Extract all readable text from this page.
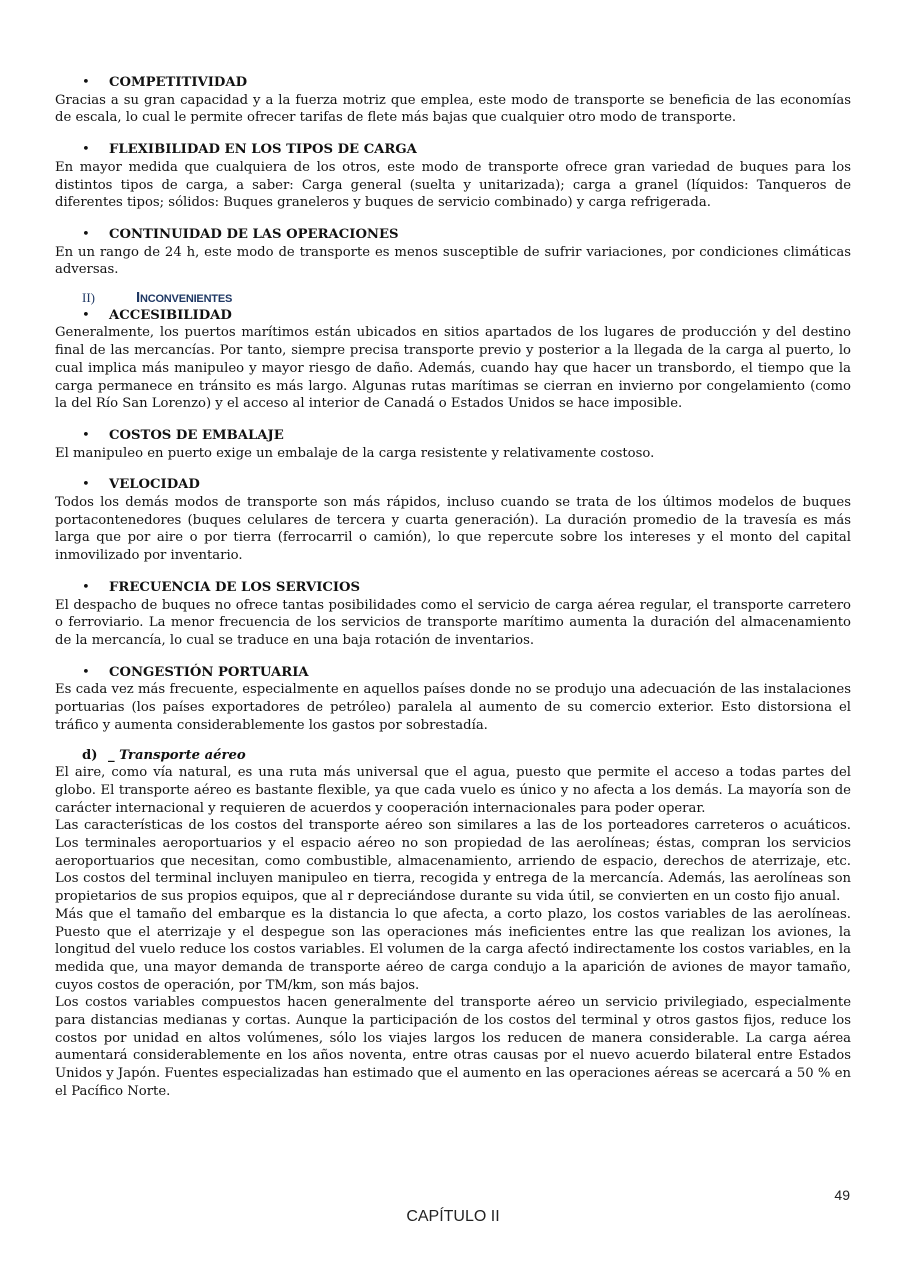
• COMPETITIVIDAD

Gracias a su gran capacidad y a la fuerza motriz que emplea, este modo de transporte se beneficia de las economías de escala, lo cual le permite ofrecer tarifas de flete más bajas que cualquier otro modo de transporte.

• FLEXIBILIDAD EN LOS TIPOS DE CARGA

En mayor medida que cualquiera de los otros, este modo de transporte ofrece gran variedad de buques para los distintos tipos de carga, a saber: Carga general (suelta y unitarizada); carga a granel (líquidos: Tanqueros de diferentes tipos; sólidos: Buques graneleros y buques de servicio combinado) y carga refrigerada.

• CONTINUIDAD DE LAS OPERACIONES

En un rango de 24 h, este modo de transporte es menos susceptible de sufrir variaciones, por condiciones climáticas adversas.

II)	Inconvenientes
• ACCESIBILIDAD

Generalmente, los puertos marítimos están ubicados en sitios apartados de los lugares de producción y del destino final de las mercancías. Por tanto, siempre precisa transporte previo y posterior a la llegada de la carga al puerto, lo cual implica más manipuleo y mayor riesgo de daño. Además, cuando hay que hacer un transbordo, el tiempo que la carga permanece en tránsito es más largo. Algunas rutas marítimas se cierran en invierno por congelamiento (como la del Río San Lorenzo) y el acceso al interior de Canadá o Estados Unidos se hace imposible.

• COSTOS DE EMBALAJE

El manipuleo en puerto exige un embalaje de la carga resistente y relativamente costoso.

• VELOCIDAD

Todos los demás modos de transporte son más rápidos, incluso cuando se trata de los últimos modelos de buques portacontenedores (buques celulares de tercera y cuarta generación). La duración promedio de la travesía es más larga que por aire o por tierra (ferrocarril o camión), lo que repercute sobre los intereses y el monto del capital inmovilizado por inventario.

• FRECUENCIA DE LOS SERVICIOS

El despacho de buques no ofrece tantas posibilidades como el servicio de carga aérea regular, el transporte carretero o ferroviario. La menor frecuencia de los servicios de transporte marítimo aumenta la duración del almacenamiento de la mercancía, lo cual se traduce en una baja rotación de inventarios.

• CONGESTIÓN PORTUARIA

Es cada vez más frecuente, especialmente en aquellos países donde no se produjo una adecuación de las instalaciones portuarias (los países exportadores de petróleo) paralela al aumento de su comercio exterior. Esto distorsiona el tráfico y aumenta considerablemente los gastos por sobrestadía.

d) _ Transporte aéreo

El aire, como vía natural, es una ruta más universal que el agua, puesto que permite el acceso a todas partes del globo. El transporte aéreo es bastante flexible, ya que cada vuelo es único y no afecta a los demás. La mayoría son de carácter internacional y requieren de acuerdos y cooperación internacionales para poder operar.

Las características de los costos del transporte aéreo son similares a las de los porteadores carreteros o acuáticos. Los terminales aeroportuarios y el espacio aéreo no son propiedad de las aerolíneas; éstas, compran los servicios aeroportuarios que necesitan, como combustible, almacenamiento, arriendo de espacio, derechos de aterrizaje, etc. Los costos del terminal incluyen manipuleo en tierra, recogida y entrega de la mercancía. Además, las aerolíneas son propietarios de sus propios equipos, que al r depreciándose durante su vida útil, se convierten en un costo fijo anual.

Más que el tamaño del embarque es la distancia lo que afecta, a corto plazo, los costos variables de las aerolíneas. Puesto que el aterrizaje y el despegue son las operaciones más ineficientes entre las que realizan los aviones, la longitud del vuelo reduce los costos variables. El volumen de la carga afectó indirectamente los costos variables, en la medida que, una mayor demanda de transporte aéreo de carga condujo a la aparición de aviones de mayor tamaño, cuyos costos de operación, por TM/km, son más bajos.

Los costos variables compuestos hacen generalmente del transporte aéreo un servicio privilegiado, especialmente para distancias medianas y cortas. Aunque la participación de los costos del terminal y otros gastos fijos, reduce los costos por unidad en altos volúmenes, sólo los viajes largos los reducen de manera considerable. La carga aérea aumentará considerablemente en los años noventa, entre otras causas por el nuevo acuerdo bilateral entre Estados Unidos y Japón. Fuentes especializadas han estimado que el aumento en las operaciones aéreas se acercará a 50 % en el Pacífico Norte.

49
CAPÍTULO II
